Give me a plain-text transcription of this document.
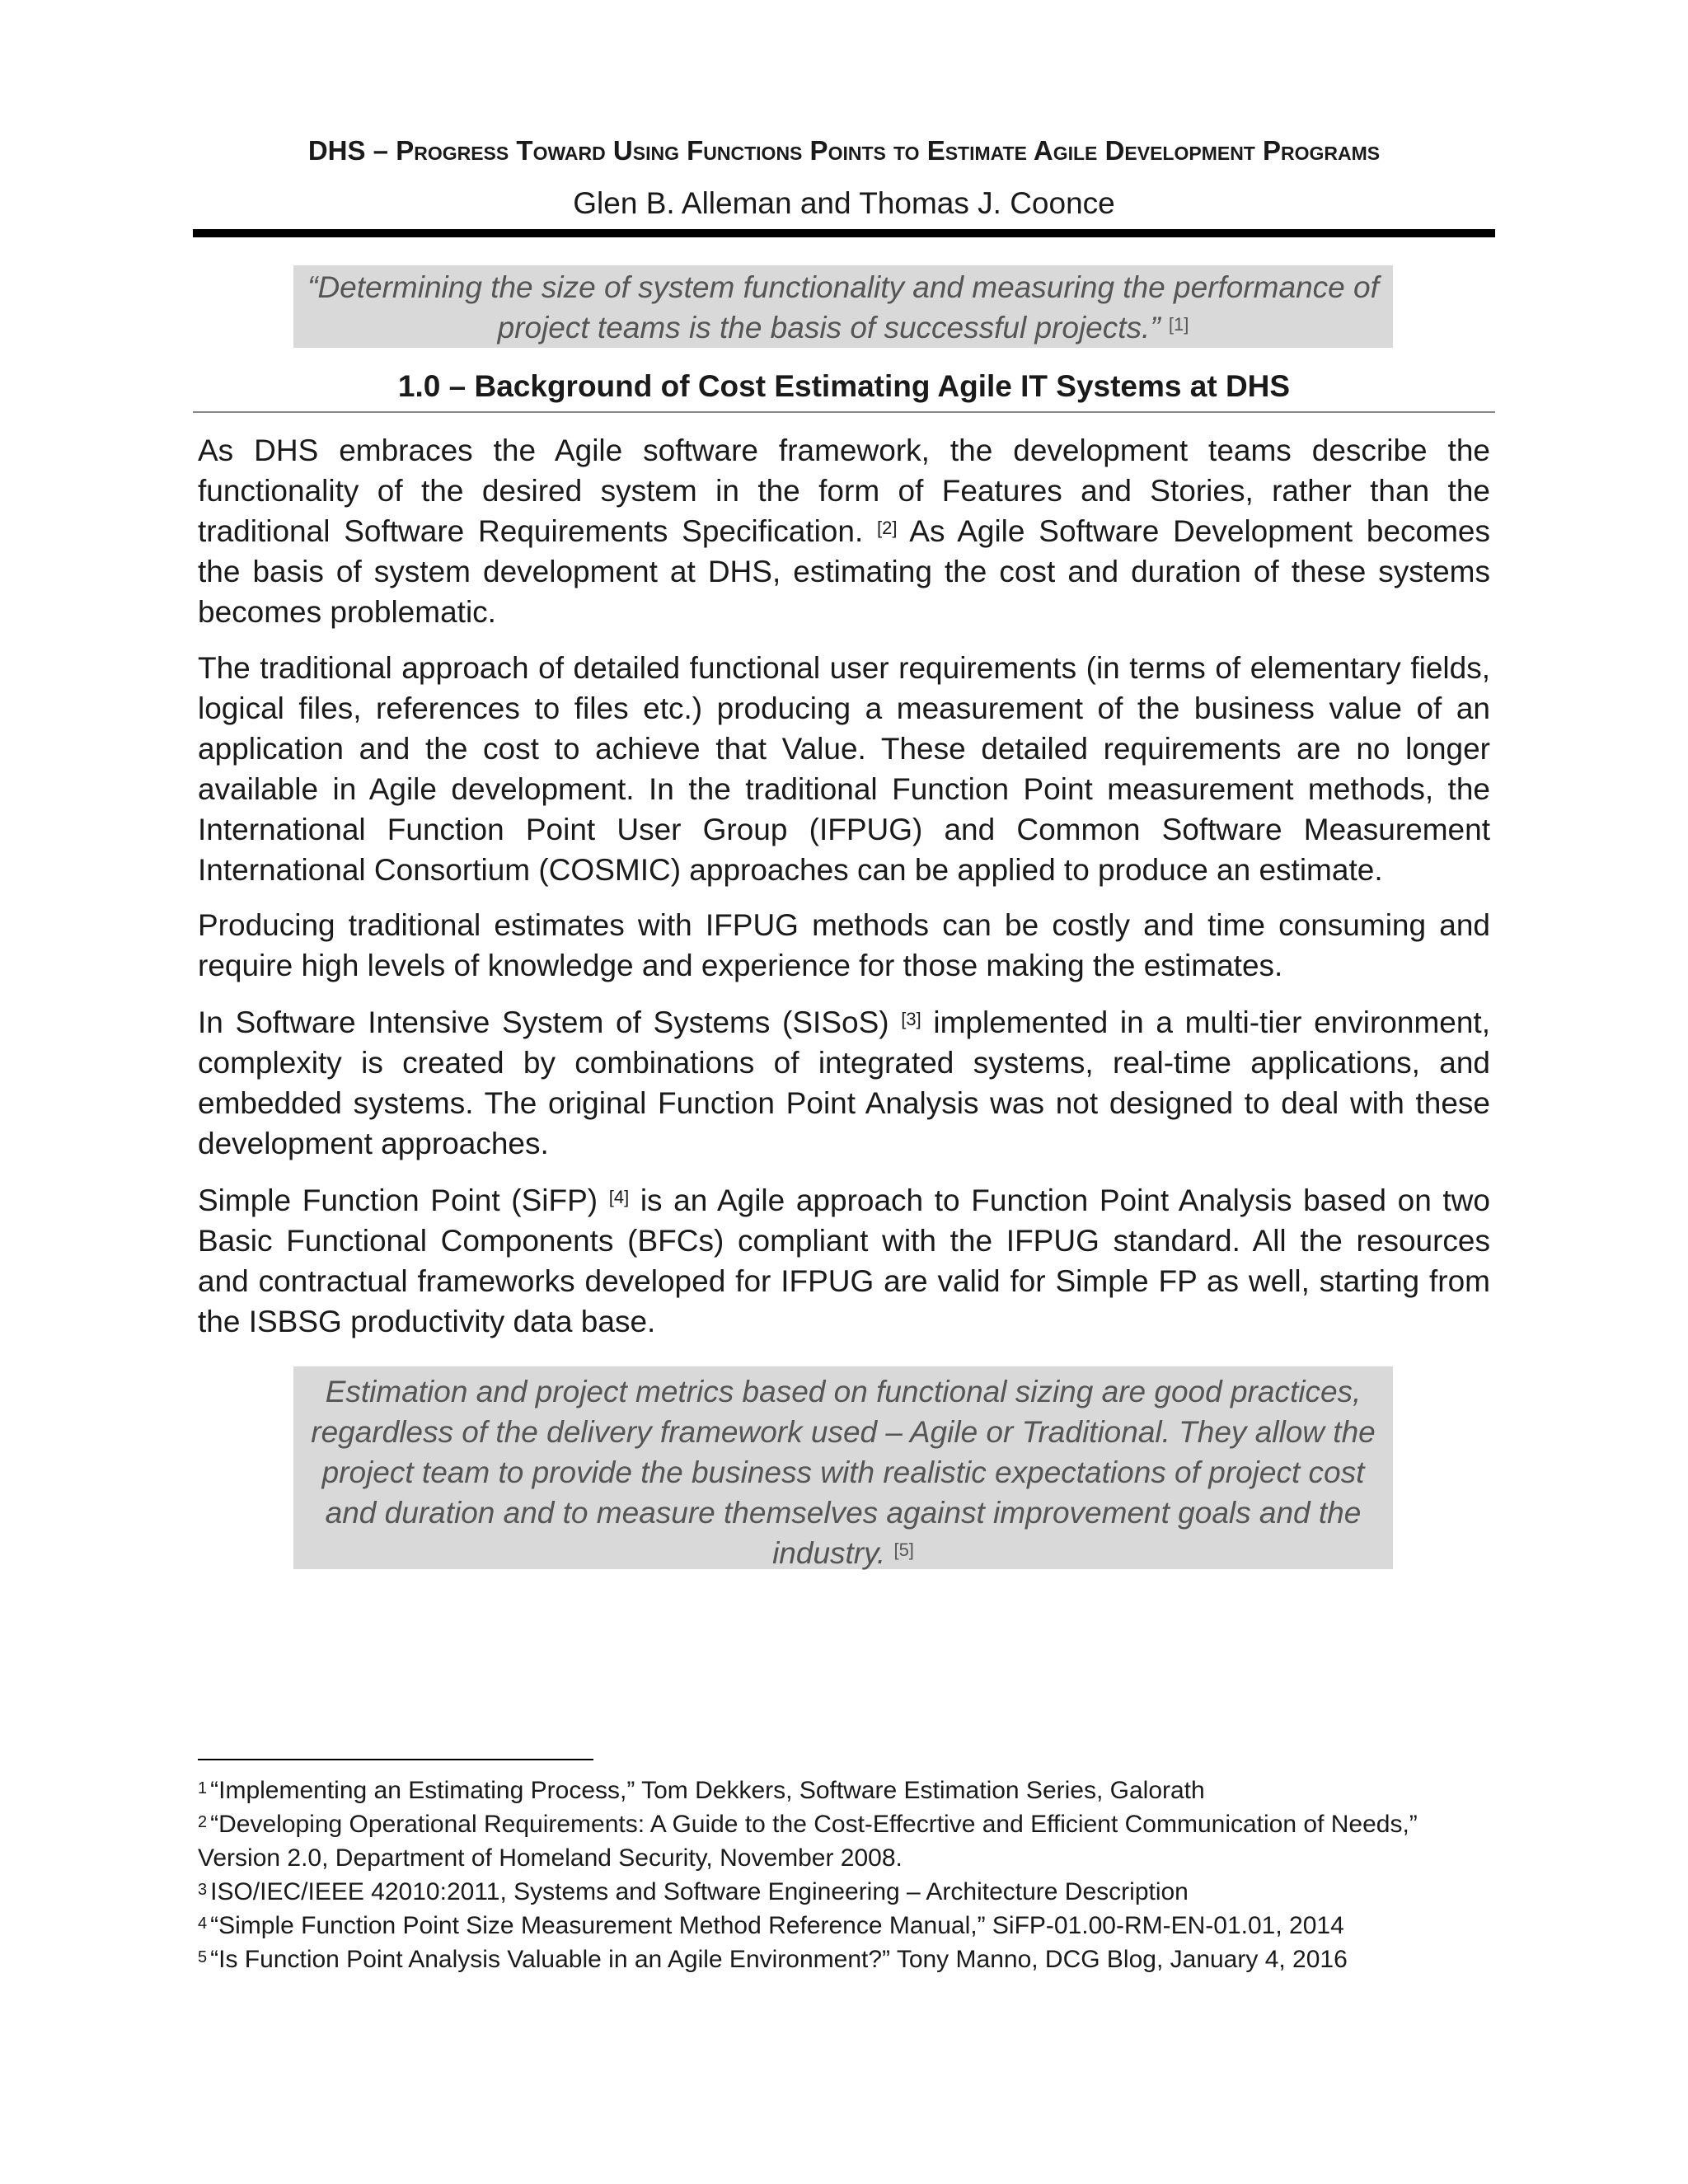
DHS – Progress Toward Using Functions Points to Estimate Agile Development Programs
Glen B. Alleman and Thomas J. Coonce
“Determining the size of system functionality and measuring the performance of project teams is the basis of successful projects.” [1]
1.0 – Background of Cost Estimating Agile IT Systems at DHS
As DHS embraces the Agile software framework, the development teams describe the functionality of the desired system in the form of Features and Stories, rather than the traditional Software Requirements Specification. [2] As Agile Software Development becomes the basis of system development at DHS, estimating the cost and duration of these systems becomes problematic.
The traditional approach of detailed functional user requirements (in terms of elementary fields, logical files, references to files etc.) producing a measurement of the business value of an application and the cost to achieve that Value. These detailed requirements are no longer available in Agile development. In the traditional Function Point measurement methods, the International Function Point User Group (IFPUG) and Common Software Measurement International Consortium (COSMIC) approaches can be applied to produce an estimate.
Producing traditional estimates with IFPUG methods can be costly and time consuming and require high levels of knowledge and experience for those making the estimates.
In Software Intensive System of Systems (SISoS) [3] implemented in a multi-tier environment, complexity is created by combinations of integrated systems, real-time applications, and embedded systems. The original Function Point Analysis was not designed to deal with these development approaches.
Simple Function Point (SiFP) [4] is an Agile approach to Function Point Analysis based on two Basic Functional Components (BFCs) compliant with the IFPUG standard. All the resources and contractual frameworks developed for IFPUG are valid for Simple FP as well, starting from the ISBSG productivity data base.
Estimation and project metrics based on functional sizing are good practices, regardless of the delivery framework used – Agile or Traditional. They allow the project team to provide the business with realistic expectations of project cost and duration and to measure themselves against improvement goals and the industry. [5]
$^1$ “Implementing an Estimating Process,” Tom Dekkers, Software Estimation Series, Galorath
$^2$ “Developing Operational Requirements: A Guide to the Cost-Effecrtive and Efficient Communication of Needs,”
Version 2.0, Department of Homeland Security, November 2008.
$^3$ ISO/IEC/IEEE 42010:2011, Systems and Software Engineering – Architecture Description
$^4$ “Simple Function Point Size Measurement Method Reference Manual,” SiFP-01.00-RM-EN-01.01, 2014
$^5$ “Is Function Point Analysis Valuable in an Agile Environment?” Tony Manno, DCG Blog, January 4, 2016
